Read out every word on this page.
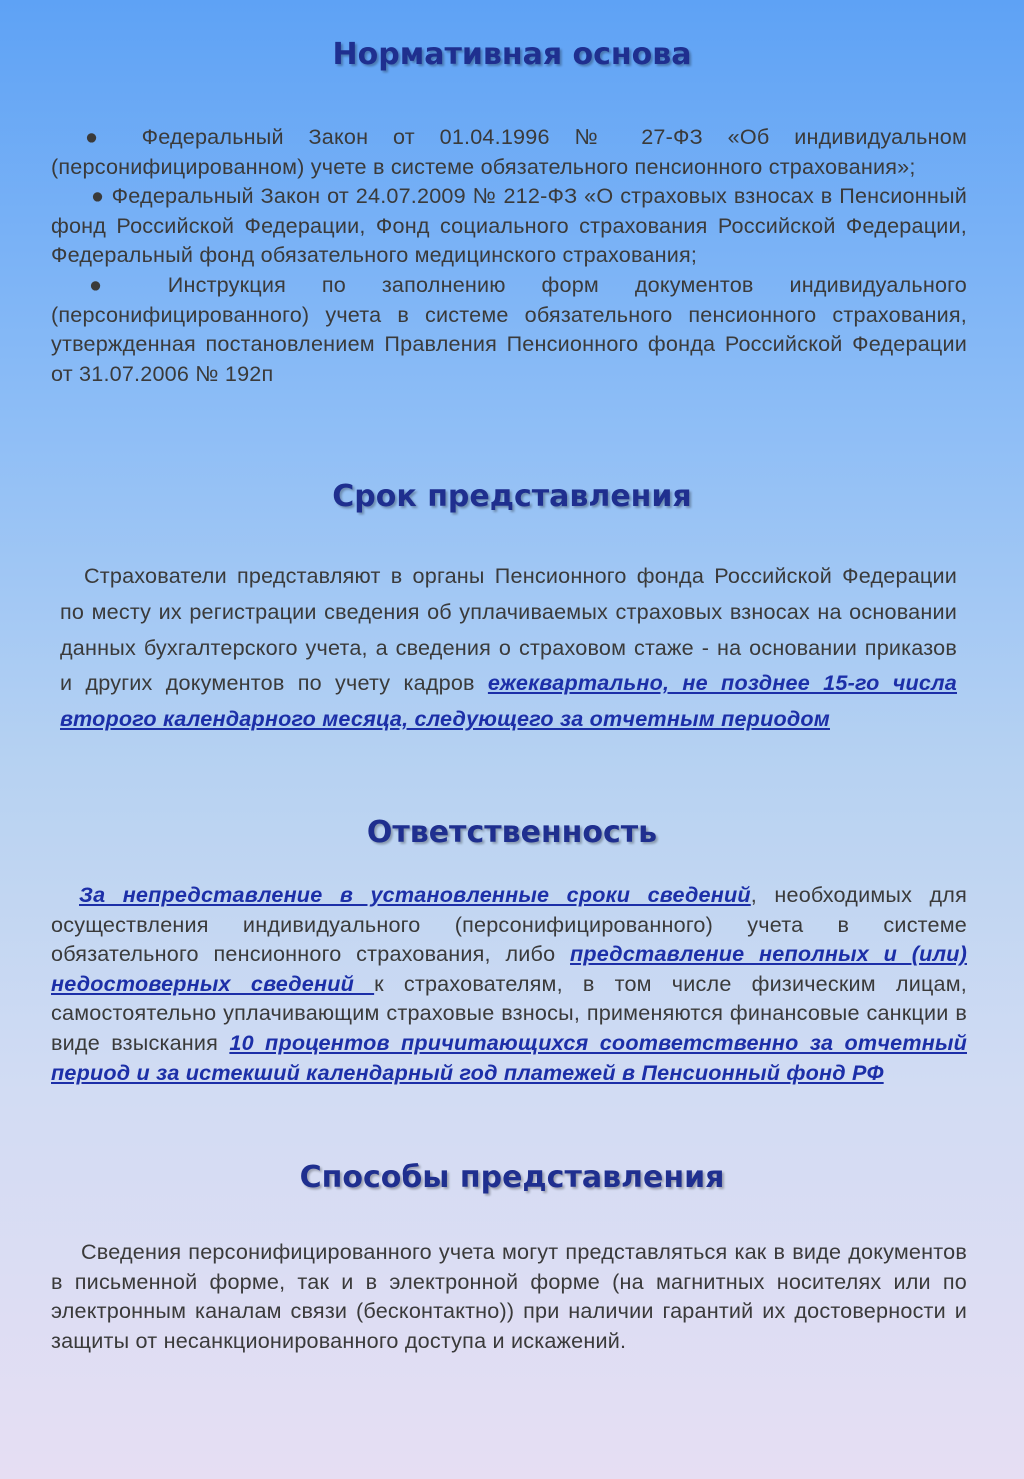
Нормативная основа

● Федеральный Закон от 01.04.1996 № 27-ФЗ «Об индивидуальном (персонифицированном) учете в системе обязательного пенсионного страхования»;

● Федеральный Закон от 24.07.2009 № 212-ФЗ «О страховых взносах в Пенсионный фонд Российской Федерации, Фонд социального страхования Российской Федерации, Федеральный фонд обязательного медицинского страхования;

● Инструкция по заполнению форм документов индивидуального (персонифицированного) учета в системе обязательного пенсионного страхования, утвержденная постановлением Правления Пенсионного фонда Российской Федерации от 31.07.2006 № 192п

Срок представления

Страхователи представляют в органы Пенсионного фонда Российской Федерации по месту их регистрации сведения об уплачиваемых страховых взносах на основании данных бухгалтерского учета, а сведения о страховом стаже - на основании приказов и других документов по учету кадров ежеквартально, не позднее 15-го числа второго календарного месяца, следующего за отчетным периодом

Ответственность

За непредставление в установленные сроки сведений, необходимых для осуществления индивидуального (персонифицированного) учета в системе обязательного пенсионного страхования, либо представление неполных и (или) недостоверных сведений к страхователям, в том числе физическим лицам, самостоятельно уплачивающим страховые взносы, применяются финансовые санкции в виде взыскания 10 процентов причитающихся соответственно за отчетный период и за истекший календарный год платежей в Пенсионный фонд РФ

Способы представления

Сведения персонифицированного учета могут представляться как в виде документов в письменной форме, так и в электронной форме (на магнитных носителях или по электронным каналам связи (бесконтактно)) при наличии гарантий их достоверности и защиты от несанкционированного доступа и искажений.
